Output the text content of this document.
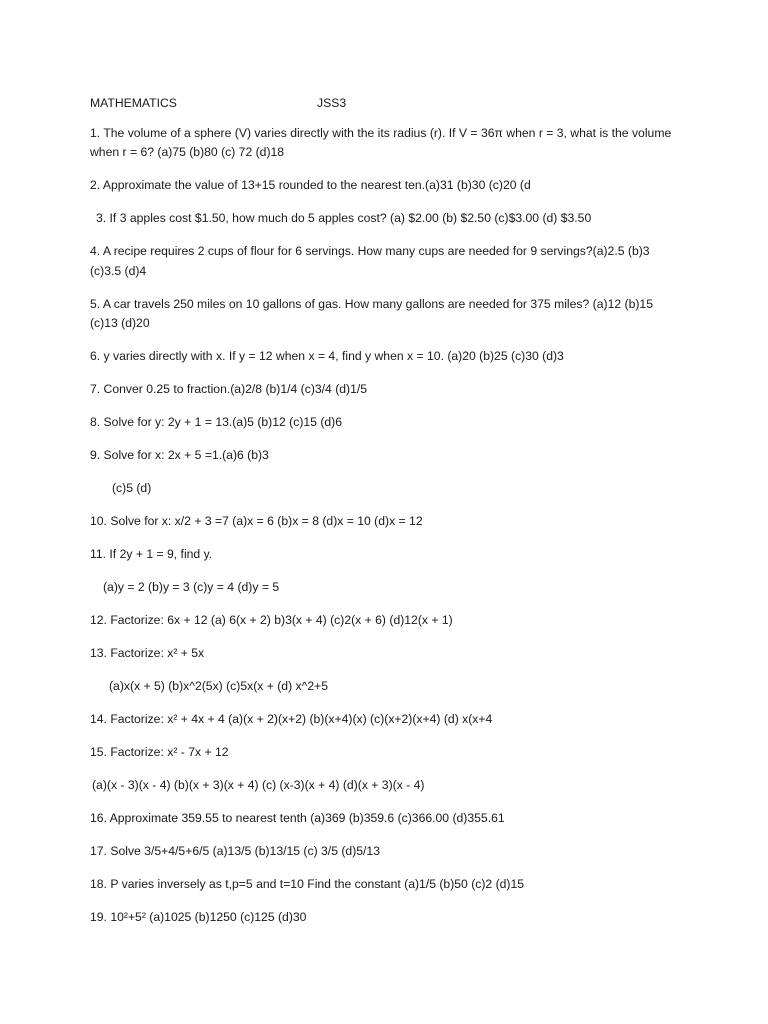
MATHEMATICS	JSS3

1. The volume of a sphere (V) varies directly with the its radius (r). If V = 36π when r = 3, what is the volume when r = 6? (a)75 (b)80 (c) 72 (d)18

2. Approximate the value of 13+15 rounded to the nearest ten.(a)31 (b)30 (c)20 (d

3. If 3 apples cost $1.50, how much do 5 apples cost? (a) $2.00 (b) $2.50 (c)$3.00 (d) $3.50

4. A recipe requires 2 cups of flour for 6 servings. How many cups are needed for 9 servings?(a)2.5 (b)3 (c)3.5 (d)4

5. A car travels 250 miles on 10 gallons of gas. How many gallons are needed for 375 miles? (a)12 (b)15 (c)13 (d)20

6. y varies directly with x. If y = 12 when x = 4, find y when x = 10. (a)20 (b)25 (c)30 (d)3

7. Conver 0.25 to fraction.(a)2/8 (b)1/4 (c)3/4 (d)1/5

8. Solve for y: 2y + 1 = 13.(a)5 (b)12 (c)15 (d)6

9. Solve for x: 2x + 5 =1.(a)6 (b)3

(c)5 (d)

10. Solve for x: x/2 + 3 =7 (a)x = 6 (b)x = 8 (d)x = 10 (d)x = 12

11. If 2y + 1 = 9, find y.

(a)y = 2 (b)y = 3 (c)y = 4 (d)y = 5

12. Factorize: 6x + 12 (a) 6(x + 2) b)3(x + 4) (c)2(x + 6) (d)12(x + 1)

13. Factorize: x² + 5x

(a)x(x + 5) (b)x^2(5x) (c)5x(x + (d) x^2+5

14. Factorize: x² + 4x + 4 (a)(x + 2)(x+2) (b)(x+4)(x) (c)(x+2)(x+4) (d) x(x+4

15. Factorize: x² - 7x + 12

(a)(x - 3)(x - 4) (b)(x + 3)(x + 4) (c) (x-3)(x + 4) (d)(x + 3)(x - 4)

16. Approximate 359.55 to nearest tenth (a)369 (b)359.6 (c)366.00 (d)355.61

17. Solve 3/5+4/5+6/5 (a)13/5 (b)13/15 (c) 3/5 (d)5/13

18. P varies inversely as t,p=5 and t=10 Find the constant (a)1/5 (b)50 (c)2 (d)15

19. 10²+5² (a)1025 (b)1250 (c)125 (d)30
